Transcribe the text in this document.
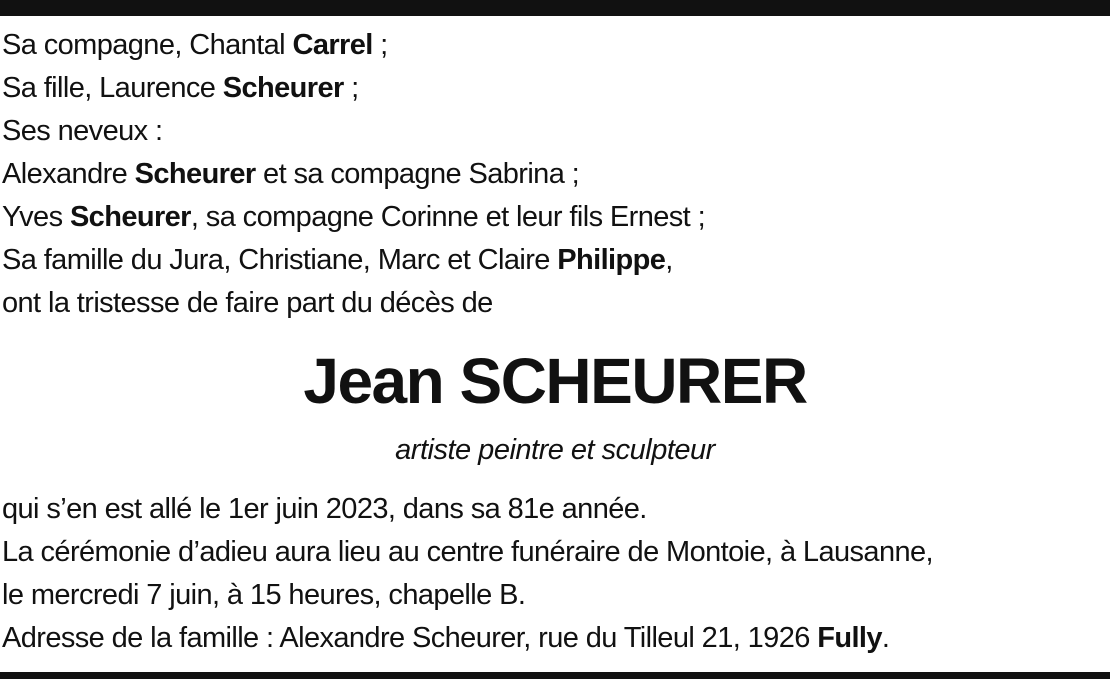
Sa compagne, Chantal Carrel ;
Sa fille, Laurence Scheurer ;
Ses neveux :
Alexandre Scheurer et sa compagne Sabrina ;
Yves Scheurer, sa compagne Corinne et leur fils Ernest ;
Sa famille du Jura, Christiane, Marc et Claire Philippe,
ont la tristesse de faire part du décès de
Jean SCHEURER
artiste peintre et sculpteur
qui s’en est allé le 1er juin 2023, dans sa 81e année.
La cérémonie d’adieu aura lieu au centre funéraire de Montoie, à Lausanne,
le mercredi 7 juin, à 15 heures, chapelle B.
Adresse de la famille : Alexandre Scheurer, rue du Tilleul 21, 1926 Fully.
